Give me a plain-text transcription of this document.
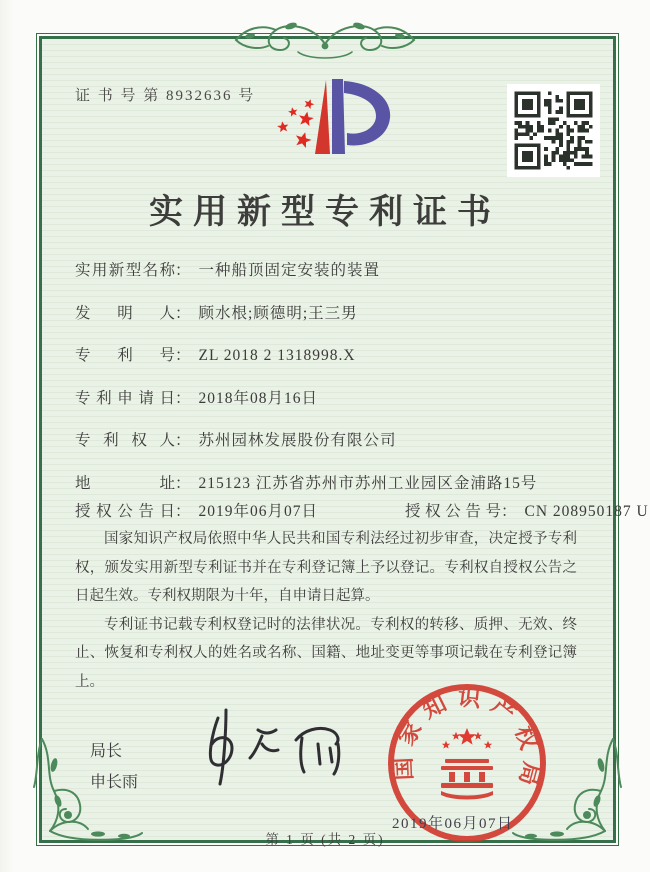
证 书 号 第 8932636 号
实用新型专利证书
实用新型名称： 一种船顶固定安装的装置
发明人： 顾水根;顾德明;王三男
专利号： ZL 2018 2 1318998.X
专利申请日： 2018年08月16日
专利权人： 苏州园林发展股份有限公司
地址： 215123 江苏省苏州市苏州工业园区金浦路15号
授权公告日： 2019年06月07日	授权公告号： CN 208950187 U

国家知识产权局依照中华人民共和国专利法经过初步审查，决定授予专利权，颁发实用新型专利证书并在专利登记簿上予以登记。专利权自授权公告之日起生效。专利权期限为十年，自申请日起算。

专利证书记载专利权登记时的法律状况。专利权的转移、质押、无效、终止、恢复和专利权人的姓名或名称、国籍、地址变更等事项记载在专利登记簿上。

局长
申长雨
国家知识产权局
2019年06月07日
第 1 页 (共 2 页)
